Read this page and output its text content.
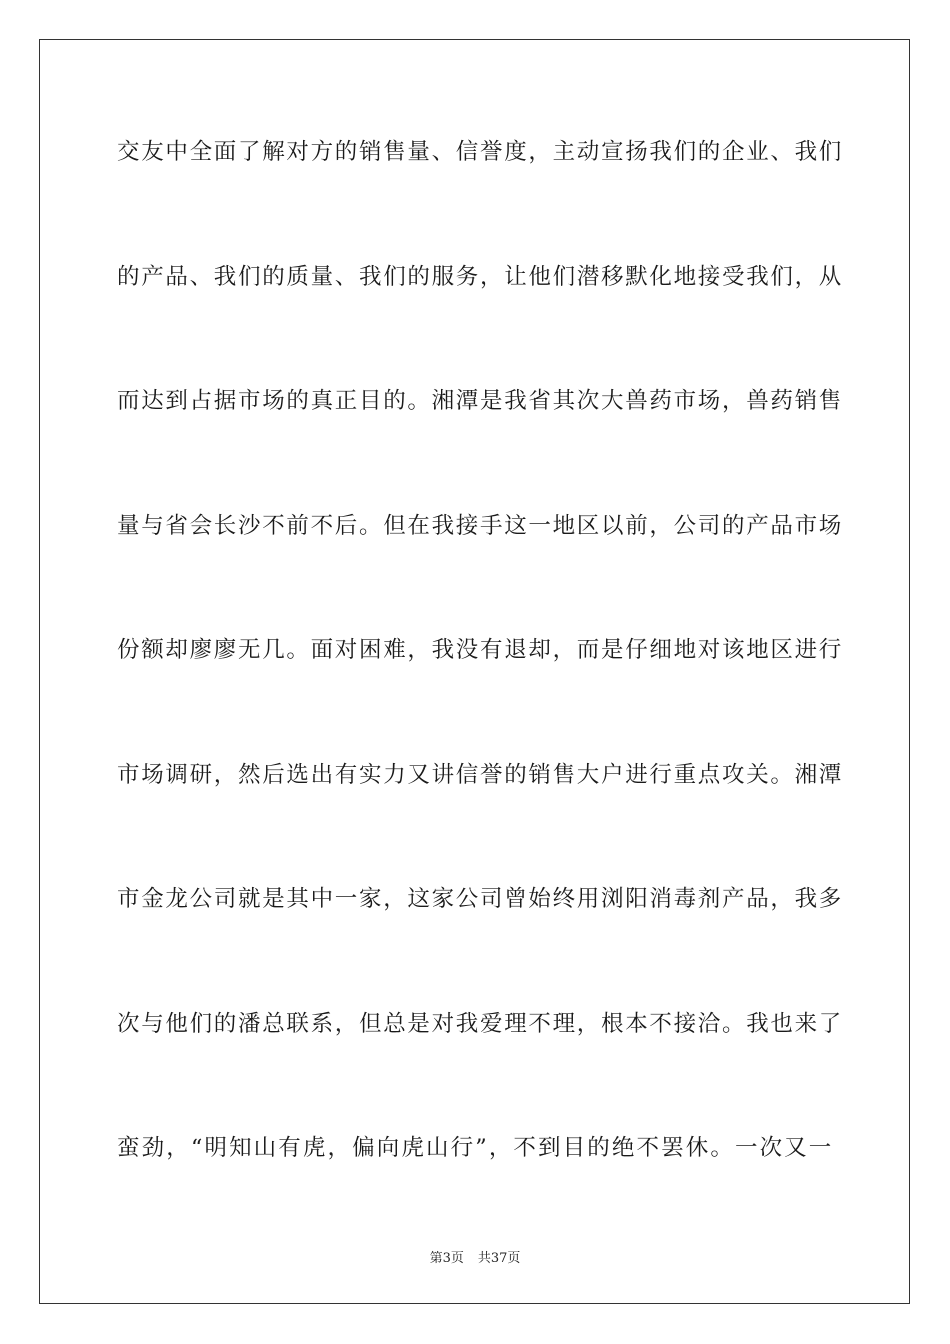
交友中全面了解对方的销售量、信誉度，主动宣扬我们的企业、我们
的产品、我们的质量、我们的服务，让他们潜移默化地接受我们，从
而达到占据市场的真正目的。湘潭是我省其次大兽药市场，兽药销售
量与省会长沙不前不后。但在我接手这一地区以前，公司的产品市场
份额却廖廖无几。面对困难，我没有退却，而是仔细地对该地区进行
市场调研，然后选出有实力又讲信誉的销售大户进行重点攻关。湘潭
市金龙公司就是其中一家，这家公司曾始终用浏阳消毒剂产品，我多
次与他们的潘总联系，但总是对我爱理不理，根本不接洽。我也来了
蛮劲，“明知山有虎，偏向虎山行”，不到目的绝不罢休。一次又一
第3页 共37页
